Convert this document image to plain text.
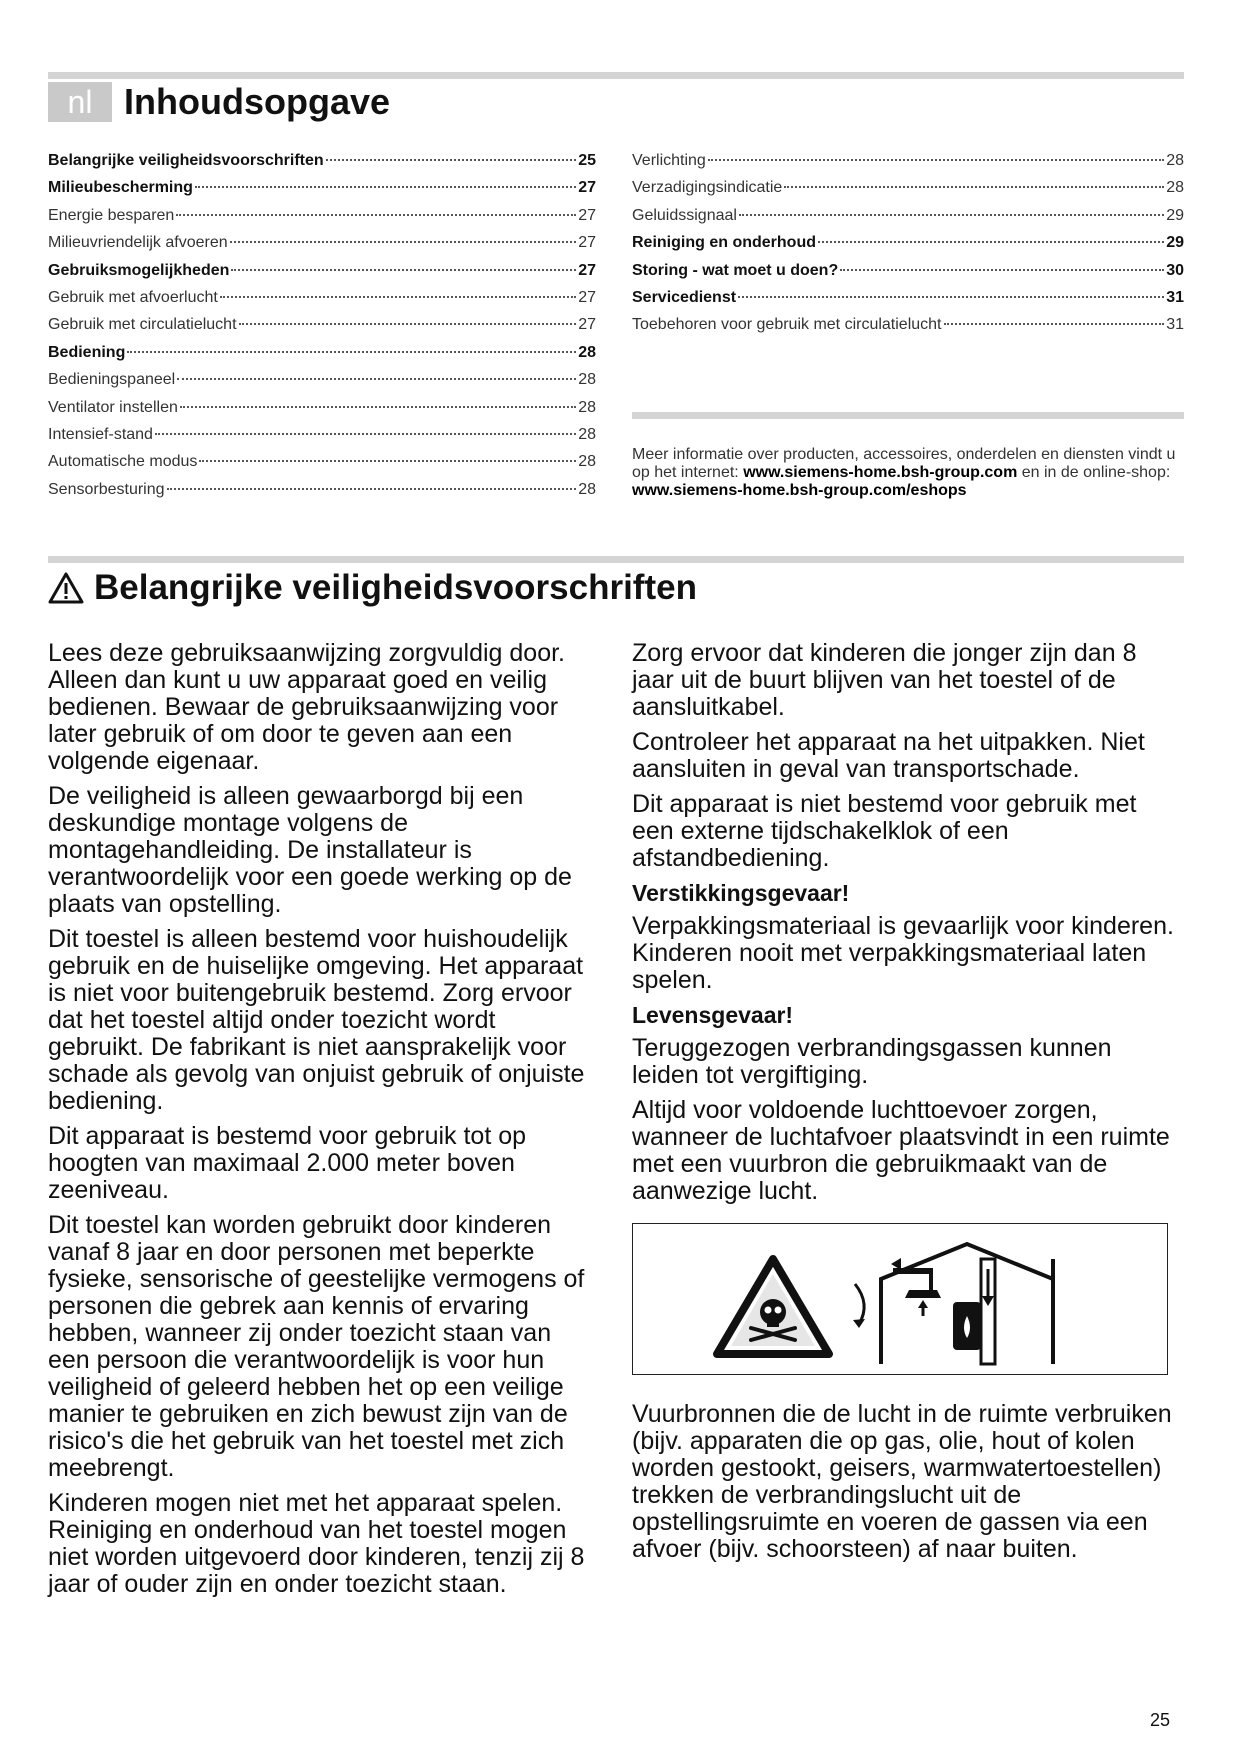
nl Inhoudsopgave
Belangrijke veiligheidsvoorschriften	25
Milieubescherming	27
Energie besparen	27
Milieuvriendelijk afvoeren	27
Gebruiksmogelijkheden	27
Gebruik met afvoerlucht	27
Gebruik met circulatielucht	27
Bediening	28
Bedieningspaneel	28
Ventilator instellen	28
Intensief-stand	28
Automatische modus	28
Sensorbesturing	28
Verlichting	28
Verzadigingsindicatie	28
Geluidssignaal	29
Reiniging en onderhoud	29
Storing - wat moet u doen?	30
Servicedienst	31
Toebehoren voor gebruik met circulatielucht	31

Meer informatie over producten, accessoires, onderdelen en diensten vindt u op het internet: www.siemens-home.bsh-group.com en in de online-shop: www.siemens-home.bsh-group.com/eshops

Belangrijke veiligheidsvoorschriften

Lees deze gebruiksaanwijzing zorgvuldig door. Alleen dan kunt u uw apparaat goed en veilig bedienen. Bewaar de gebruiksaanwijzing voor later gebruik of om door te geven aan een volgende eigenaar.

De veiligheid is alleen gewaarborgd bij een deskundige montage volgens de montagehandleiding. De installateur is verantwoordelijk voor een goede werking op de plaats van opstelling.

Dit toestel is alleen bestemd voor huishoudelijk gebruik en de huiselijke omgeving. Het apparaat is niet voor buitengebruik bestemd. Zorg ervoor dat het toestel altijd onder toezicht wordt gebruikt. De fabrikant is niet aansprakelijk voor schade als gevolg van onjuist gebruik of onjuiste bediening.

Dit apparaat is bestemd voor gebruik tot op hoogten van maximaal 2.000 meter boven zeeniveau.

Dit toestel kan worden gebruikt door kinderen vanaf 8 jaar en door personen met beperkte fysieke, sensorische of geestelijke vermogens of personen die gebrek aan kennis of ervaring hebben, wanneer zij onder toezicht staan van een persoon die verantwoordelijk is voor hun veiligheid of geleerd hebben het op een veilige manier te gebruiken en zich bewust zijn van de risico's die het gebruik van het toestel met zich meebrengt.

Kinderen mogen niet met het apparaat spelen. Reiniging en onderhoud van het toestel mogen niet worden uitgevoerd door kinderen, tenzij zij 8 jaar of ouder zijn en onder toezicht staan.

Zorg ervoor dat kinderen die jonger zijn dan 8 jaar uit de buurt blijven van het toestel of de aansluitkabel.

Controleer het apparaat na het uitpakken. Niet aansluiten in geval van transportschade.

Dit apparaat is niet bestemd voor gebruik met een externe tijdschakelklok of een afstandbediening.

Verstikkingsgevaar!

Verpakkingsmateriaal is gevaarlijk voor kinderen. Kinderen nooit met verpakkingsmateriaal laten spelen.

Levensgevaar!

Teruggezogen verbrandingsgassen kunnen leiden tot vergiftiging.

Altijd voor voldoende luchttoevoer zorgen, wanneer de luchtafvoer plaatsvindt in een ruimte met een vuurbron die gebruikmaakt van de aanwezige lucht.

Vuurbronnen die de lucht in de ruimte verbruiken (bijv. apparaten die op gas, olie, hout of kolen worden gestookt, geisers, warmwatertoestellen) trekken de verbrandingslucht uit de opstellingsruimte en voeren de gassen via een afvoer (bijv. schoorsteen) af naar buiten.

25
